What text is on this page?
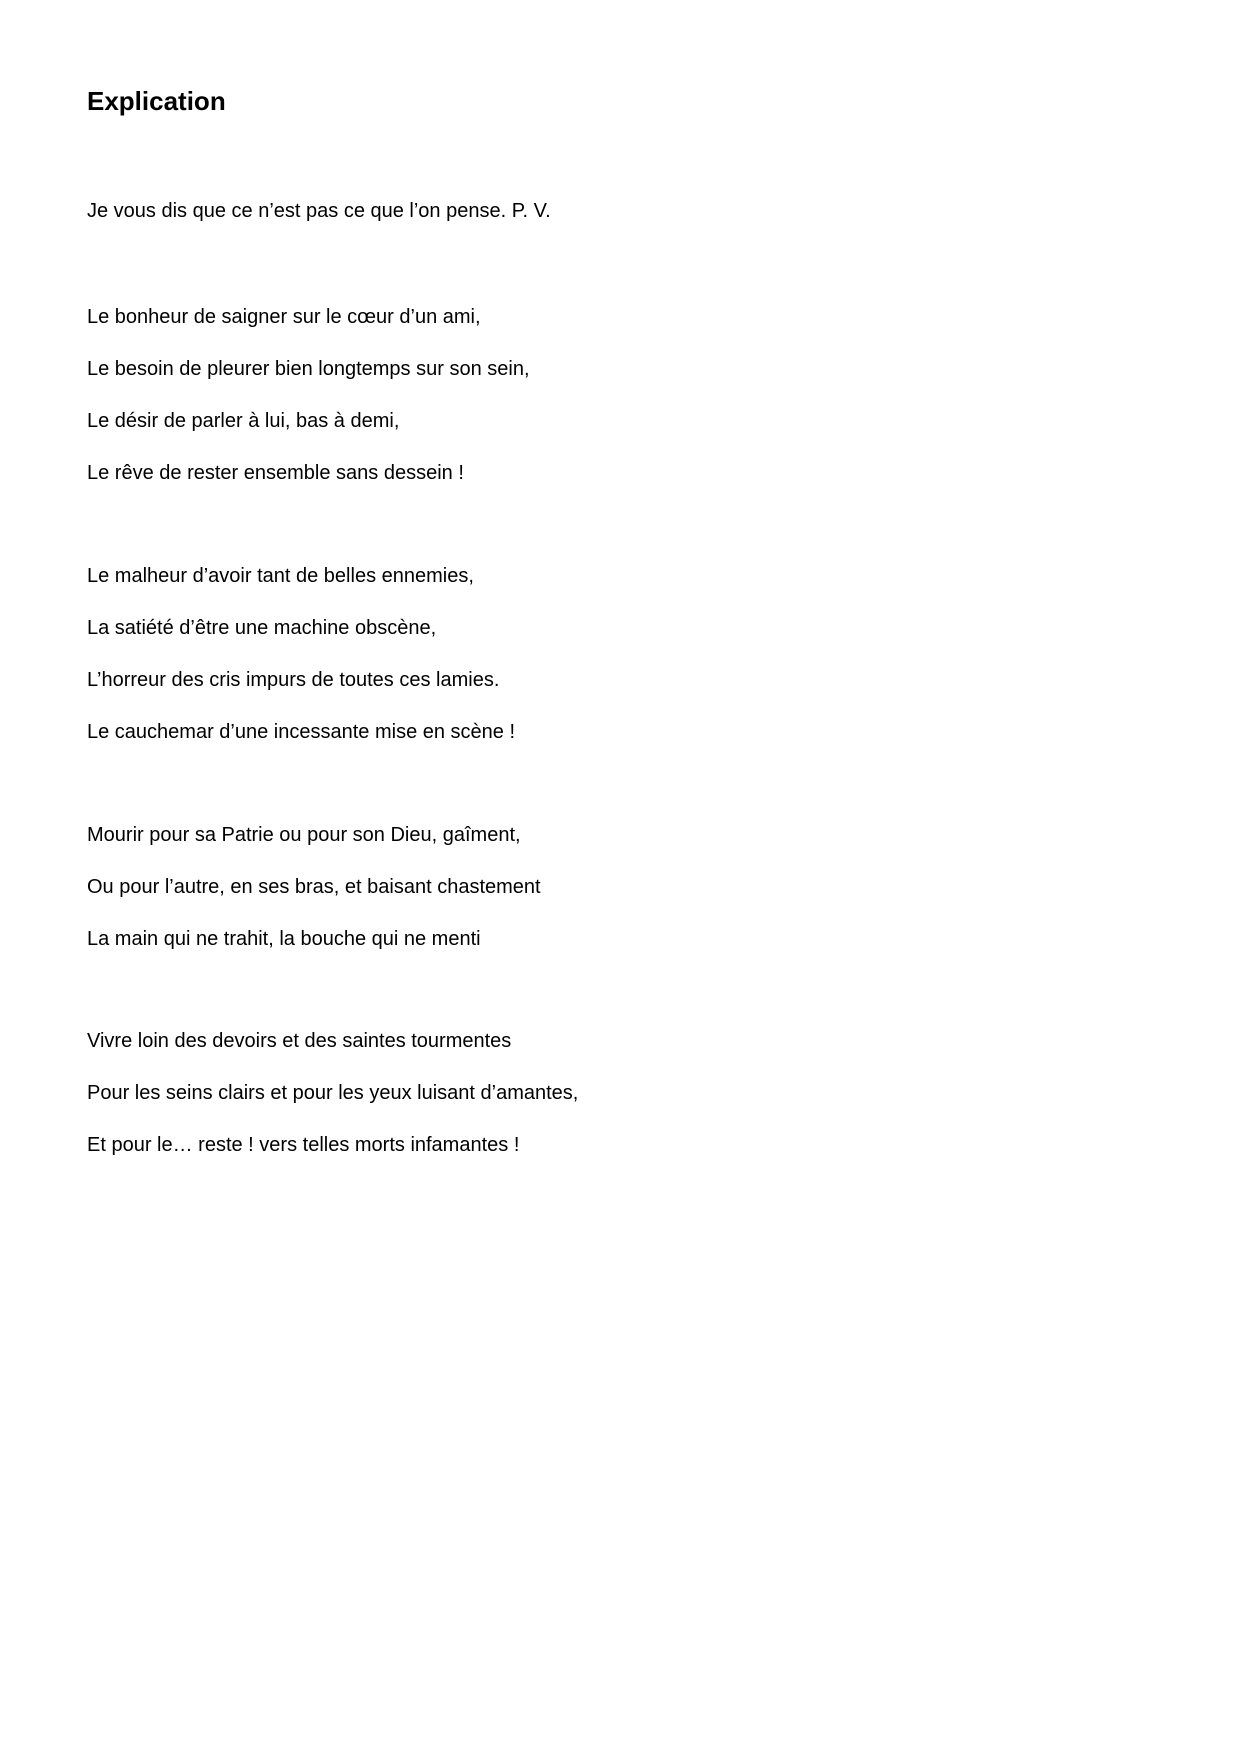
Explication

Je vous dis que ce n’est pas ce que l’on pense. P. V.

Le bonheur de saigner sur le cœur d’un ami,

Le besoin de pleurer bien longtemps sur son sein,

Le désir de parler à lui, bas à demi,

Le rêve de rester ensemble sans dessein !

Le malheur d’avoir tant de belles ennemies,

La satiété d’être une machine obscène,

L’horreur des cris impurs de toutes ces lamies.

Le cauchemar d’une incessante mise en scène !

Mourir pour sa Patrie ou pour son Dieu, gaîment,

Ou pour l’autre, en ses bras, et baisant chastement

La main qui ne trahit, la bouche qui ne menti

Vivre loin des devoirs et des saintes tourmentes

Pour les seins clairs et pour les yeux luisant d’amantes,

Et pour le… reste ! vers telles morts infamantes !
